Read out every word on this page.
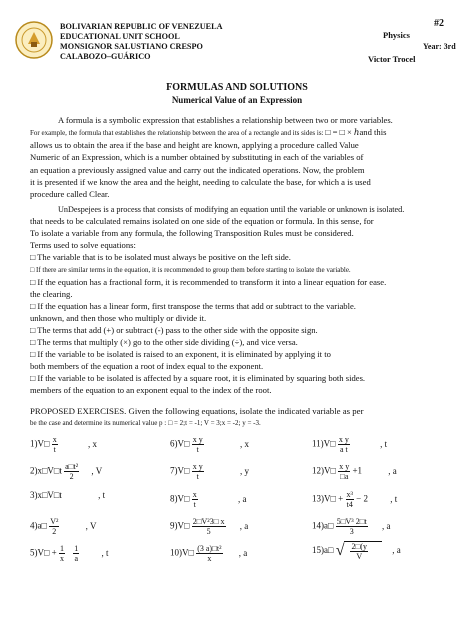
BOLIVARIAN REPUBLIC OF VENEZUELA
EDUCATIONAL UNIT SCHOOL
MONSIGNOR SALUSTIANO CRESPO
CALABOZO–GUÁRICO
#2
Physics
Year: 3rd
Victor Trocel
FORMULAS AND SOLUTIONS
Numerical Value of an Expression
A formula is a symbolic expression that establishes a relationship between two or more variables.
For example, the formula that establishes the relationship between the area of a rectangle and its sides is: □ = □ × ℎand this
allows us to obtain the area if the base and height are known, applying a procedure called Value
Numeric of an Expression, which is a number obtained by substituting in each of the variables of
an equation a previously assigned value and carry out the indicated operations. Now, the problem
it is presented if we know the area and the height, needing to calculate the base, for which a is used
procedure called Clear.
UnDespejees is a process that consists of modifying an equation until the variable or unknown is isolated.
that needs to be calculated remains isolated on one side of the equation or formula. In this sense, for
To isolate a variable from any formula, the following Transposition Rules must be considered.
Terms used to solve equations:
□ The variable that is to be isolated must always be positive on the left side.
□ If there are similar terms in the equation, it is recommended to group them before starting to isolate the variable.
□ If the equation has a fractional form, it is recommended to transform it into a linear equation for ease.
the clearing.
□ If the equation has a linear form, first transpose the terms that add or subtract to the variable.
unknown, and then those who multiply or divide it.
□ The terms that add (+) or subtract (-) pass to the other side with the opposite sign.
□ The terms that multiply (×) go to the other side dividing (÷), and vice versa.
□ If the variable to be isolated is raised to an exponent, it is eliminated by applying it to
both members of the equation a root of index equal to the exponent.
□ If the variable to be isolated is affected by a square root, it is eliminated by squaring both sides.
members of the equation to an exponent equal to the index of the root.
PROPOSED EXERCISES. Given the following equations, isolate the indicated variable as per
be the case and determine its numerical value p : □ = 2;t = -1; V = 3;x = -2; y = -3.
1)V□ $\frac{x}{t}$	, x
2)x□V□t $\frac{\text{a□t²}}{2}$ , V
3)x□V□t	, t
4)a□ $\frac{\text{V²}}{2}$	, V
5)V□ + $\frac{1}{x}$
$\frac{1}{a}$ , t
6)V□ $\frac{\text{x y}}{t}$	, x
7)V□ $\frac{\text{x y}}{t}$	, y
8)V□ $\frac{x}{t}$	, a
9)V□ $\frac{\text{2□V²3□ x}}{5}$ , a
10)V□ $\frac{\text{(3 a)□t²}}{x}$ , a
11)V□ $\frac{\text{x y}}{\text{a t}}$	, t
12)V□ $\frac{\text{x y}}{□a} +1$	, a
13)V□ + $\frac{\text{x³}}{t4} - 2$ , t
14)a□ $\frac{\text{5□V³ 2□t}}{3}$ , a
15)a□ √ $\frac{2□(y}{V}$	, a
